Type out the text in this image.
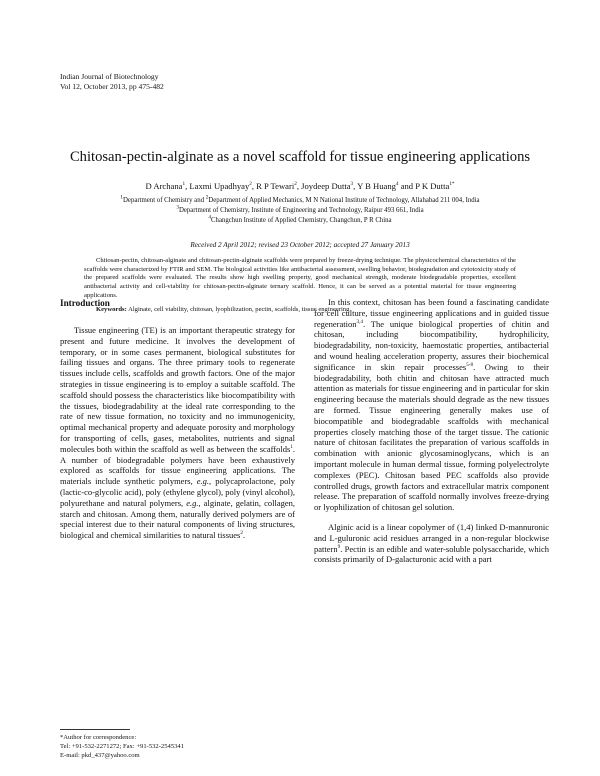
Indian Journal of Biotechnology
Vol 12, October 2013, pp 475-482
Chitosan-pectin-alginate as a novel scaffold for tissue engineering applications
D Archana$^1$, Laxmi Upadhyay$^2$, R P Tewari$^2$, Joydeep Dutta$^3$, Y B Huang$^4$ and P K Dutta$^{1*}$
$^1$Department of Chemistry and $^2$Department of Applied Mechanics, M N National Institute of Technology, Allahabad 211 004, India
$^3$Department of Chemistry, Institute of Engineering and Technology, Raipur 493 661, India
$^4$Changchun Institute of Applied Chemistry, Changchun, P R China
Received 2 April 2012; revised 23 October 2012; accepted 27 January 2013
Chitosan-pectin, chitosan-alginate and chitosan-pectin-alginate scaffolds were prepared by freeze-drying technique. The physicochemical characteristics of the scaffolds were characterized by FTIR and SEM. The biological activities like antibacterial assessment, swelling behavior, biodegradation and cytotoxicity study of the prepared scaffolds were evaluated. The results show high swelling property, good mechanical strength, moderate biodegradable properties, excellent antibacterial activity and cell-viability for chitosan-pectin-alginate ternary scaffold. Hence, it can be served as a potential material for tissue engineering applications.
Keywords: Alginate, cell viability, chitosan, lyophilization, pectin, scaffolds, tissue engineering
Introduction

Tissue engineering (TE) is an important therapeutic strategy for present and future medicine. It involves the development of temporary, or in some cases permanent, biological substitutes for failing tissues and organs. The three primary tools to regenerate tissues include cells, scaffolds and growth factors. One of the major strategies in tissue engineering is to employ a suitable scaffold. The scaffold should possess the characteristics like biocompatibility with the tissues, biodegradability at the ideal rate corresponding to the rate of new tissue formation, no toxicity and no immunogenicity, optimal mechanical property and adequate porosity and morphology for transporting of cells, gases, metabolites, nutrients and signal molecules both within the scaffold as well as between the scaffolds$^1$. A number of biodegradable polymers have been exhaustively explored as scaffolds for tissue engineering applications. The materials include synthetic polymers, e.g., polycaprolactone, poly (lactic-co-glycolic acid), poly (ethylene glycol), poly (vinyl alcohol), polyurethane and natural polymers, e.g., alginate, gelatin, collagen, starch and chitosan. Among them, naturally derived polymers are of special interest due to their natural components of living structures, biological and chemical similarities to natural tissues$^2$.

In this context, chitosan has been found a fascinating candidate for cell culture, tissue engineering applications and in guided tissue regeneration$^{3,4}$. The unique biological properties of chitin and chitosan, including biocompatibility, hydrophilicity, biodegradability, non-toxicity, haemostatic properties, antibacterial and wound healing acceleration property, assures their biochemical significance in skin repair processes$^{5-8}$. Owing to their biodegradability, both chitin and chitosan have attracted much attention as materials for tissue engineering and in particular for skin engineering because the materials should degrade as the new tissues are formed. Tissue engineering generally makes use of biocompatible and biodegradable scaffolds with mechanical properties closely matching those of the target tissue. The cationic nature of chitosan facilitates the preparation of various scaffolds in combination with anionic glycosaminoglycans, which is an important molecule in human dermal tissue, forming polyelectrolyte complexes (PEC). Chitosan based PEC scaffolds also provide controlled drugs, growth factors and extracellular matrix component release. The preparation of scaffold normally involves freeze-drying or lyophilization of chitosan gel solution.

Alginic acid is a linear copolymer of (1,4) linked D-mannuronic and L-guluronic acid residues arranged in a non-regular blockwise pattern$^9$. Pectin is an edible and water-soluble polysaccharide, which consists primarily of D-galacturonic acid with a part

*Author for correspondence:
Tel: +91-532-2271272; Fax: +91-532-2545341
E-mail: pkd_437@yahoo.com
